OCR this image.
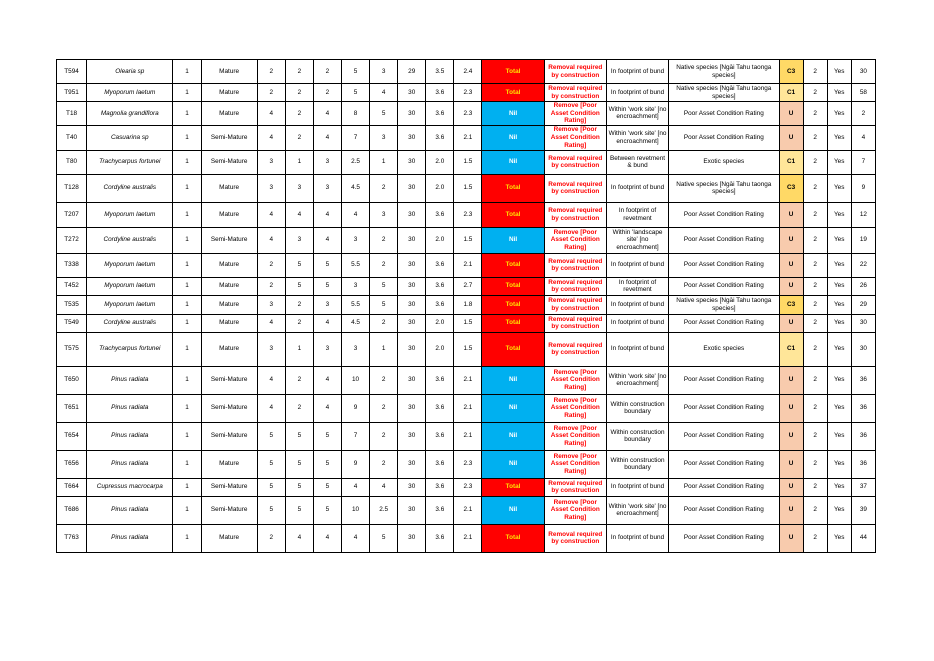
T594	Olearia sp	1	Mature	2	2	2	5	3	29	3.5	2.4	Total	Removal required by construction	In footprint of bund	Native species [Ngāi Tahu taonga species]	C3	2	Yes	30
T951	Myoporum laetum	1	Mature	2	2	2	5	4	30	3.6	2.3	Total	Removal required by construction	In footprint of bund	Native species [Ngāi Tahu taonga species]	C1	2	Yes	58
T18	Magnolia grandiflora	1	Mature	4	2	4	8	5	30	3.6	2.3	Nil	Remove [Poor Asset Condition Rating]	Within 'work site' [no encroachment]	Poor Asset Condition Rating	U	2	Yes	2
T40	Casuarina sp	1	Semi-Mature	4	2	4	7	3	30	3.6	2.1	Nil	Remove [Poor Asset Condition Rating]	Within 'work site' [no encroachment]	Poor Asset Condition Rating	U	2	Yes	4
T80	Trachycarpus fortunei	1	Semi-Mature	3	1	3	2.5	1	30	2.0	1.5	Nil	Removal required by construction	Between revetment & bund	Exotic species	C1	2	Yes	7
T128	Cordyline australis	1	Mature	3	3	3	4.5	2	30	2.0	1.5	Total	Removal required by construction	In footprint of bund	Native species [Ngāi Tahu taonga species]	C3	2	Yes	9
T207	Myoporum laetum	1	Mature	4	4	4	4	3	30	3.6	2.3	Total	Removal required by construction	In footprint of revetment	Poor Asset Condition Rating	U	2	Yes	12
T272	Cordyline australis	1	Semi-Mature	4	3	4	3	2	30	2.0	1.5	Nil	Remove [Poor Asset Condition Rating]	Within 'landscape site' [no encroachment]	Poor Asset Condition Rating	U	2	Yes	19
T338	Myoporum laetum	1	Mature	2	5	5	5.5	2	30	3.6	2.1	Total	Removal required by construction	In footprint of bund	Poor Asset Condition Rating	U	2	Yes	22
T452	Myoporum laetum	1	Mature	2	5	5	3	5	30	3.6	2.7	Total	Removal required by construction	In footprint of revetment	Poor Asset Condition Rating	U	2	Yes	26
T535	Myoporum laetum	1	Mature	3	2	3	5.5	5	30	3.6	1.8	Total	Removal required by construction	In footprint of bund	Native species [Ngāi Tahu taonga species]	C3	2	Yes	29
T549	Cordyline australis	1	Mature	4	2	4	4.5	2	30	2.0	1.5	Total	Removal required by construction	In footprint of bund	Poor Asset Condition Rating	U	2	Yes	30
T575	Trachycarpus fortunei	1	Mature	3	1	3	3	1	30	2.0	1.5	Total	Removal required by construction	In footprint of bund	Exotic species	C1	2	Yes	30
T650	Pinus radiata	1	Semi-Mature	4	2	4	10	2	30	3.6	2.1	Nil	Remove [Poor Asset Condition Rating]	Within 'work site' [no encroachment]	Poor Asset Condition Rating	U	2	Yes	36
T651	Pinus radiata	1	Semi-Mature	4	2	4	9	2	30	3.6	2.1	Nil	Remove [Poor Asset Condition Rating]	Within construction boundary	Poor Asset Condition Rating	U	2	Yes	36
T654	Pinus radiata	1	Semi-Mature	5	5	5	7	2	30	3.6	2.1	Nil	Remove [Poor Asset Condition Rating]	Within construction boundary	Poor Asset Condition Rating	U	2	Yes	36
T656	Pinus radiata	1	Mature	5	5	5	9	2	30	3.6	2.3	Nil	Remove [Poor Asset Condition Rating]	Within construction boundary	Poor Asset Condition Rating	U	2	Yes	36
T664	Cupressus macrocarpa	1	Semi-Mature	5	5	5	4	4	30	3.6	2.3	Total	Removal required by construction	In footprint of bund	Poor Asset Condition Rating	U	2	Yes	37
T686	Pinus radiata	1	Semi-Mature	5	5	5	10	2.5	30	3.6	2.1	Nil	Remove [Poor Asset Condition Rating]	Within 'work site' [no encroachment]	Poor Asset Condition Rating	U	2	Yes	39
T763	Pinus radiata	1	Mature	2	4	4	4	5	30	3.6	2.1	Total	Removal required by construction	In footprint of bund	Poor Asset Condition Rating	U	2	Yes	44
